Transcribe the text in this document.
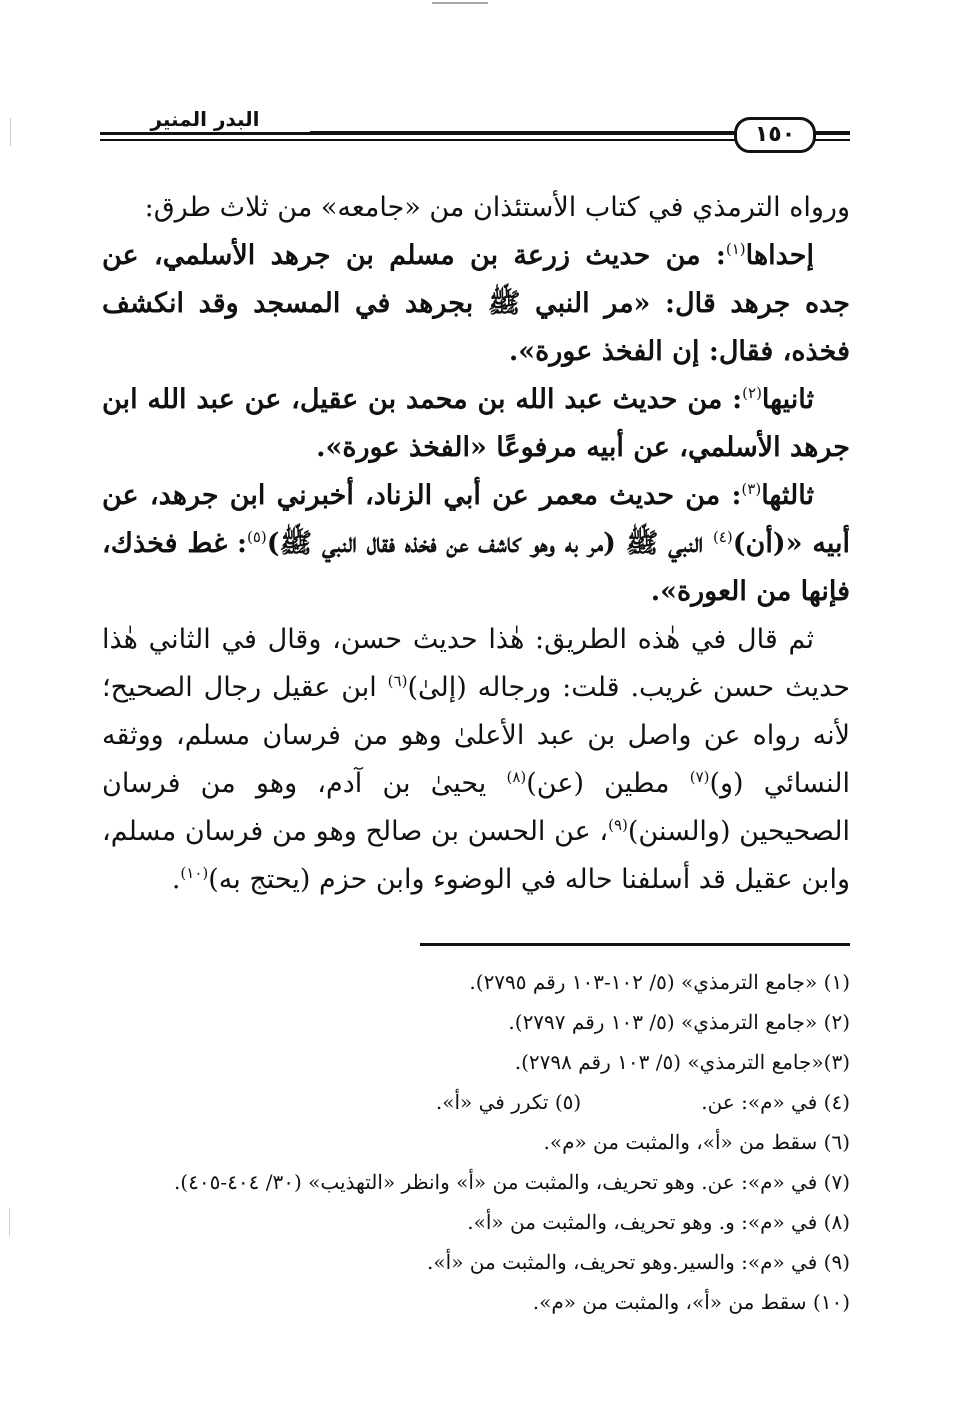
البدر المنير
١٥٠

ورواه الترمذي في كتاب الأستئذان من «جامعه» من ثلاث طرق:

إحداها$^{(١)}$: من حديث زرعة بن مسلم بن جرهد الأسلمي، عن جده جرهد قال: «مر النبي ﷺ بجرهد في المسجد وقد انكشف فخذه، فقال: إن الفخذ عورة».

ثانيها$^{(٢)}$: من حديث عبد الله بن محمد بن عقيل، عن عبد الله ابن جرهد الأسلمي، عن أبيه مرفوعًا «الفخذ عورة».

ثالثها$^{(٣)}$: من حديث معمر عن أبي الزناد، أخبرني ابن جرهد، عن أبيه «(أن)$^{(٤)}$ النبي ﷺ (مر به وهو كاشف عن فخذه فقال النبي ﷺ)$^{(٥)}$: غط فخذك، فإنها من العورة».

ثم قال في هٰذه الطريق: هٰذا حديث حسن، وقال في الثاني هٰذا حديث حسن غريب. قلت: ورجاله (إلىٰ)$^{(٦)}$ ابن عقيل رجال الصحيح؛ لأنه رواه عن واصل بن عبد الأعلىٰ وهو من فرسان مسلم، ووثقه النسائي (و)$^{(٧)}$ مطين (عن)$^{(٨)}$ يحيىٰ بن آدم، وهو من فرسان الصحيحين (والسنن)$^{(٩)}$، عن الحسن بن صالح وهو من فرسان مسلم، وابن عقيل قد أسلفنا حاله في الوضوء وابن حزم (يحتج به)$^{(١٠)}$.

(١) «جامع الترمذي» (٥/ ١٠٢-١٠٣ رقم ٢٧٩٥).
(٢) «جامع الترمذي» (٥/ ١٠٣ رقم ٢٧٩٧).
(٣)«جامع الترمذي» (٥/ ١٠٣ رقم ٢٧٩٨).
(٤) في «م»: عن.(٥) تكرر في «أ».
(٦) سقط من «أ»، والمثبت من «م».
(٧) في «م»: عن. وهو تحريف، والمثبت من «أ» وانظر «التهذيب» (٣٠/ ٤٠٤-٤٠٥).
(٨) في «م»: و. وهو تحريف، والمثبت من «أ».
(٩) في «م»: والسير.وهو تحريف، والمثبت من «أ».
(١٠) سقط من «أ»، والمثبت من «م».
